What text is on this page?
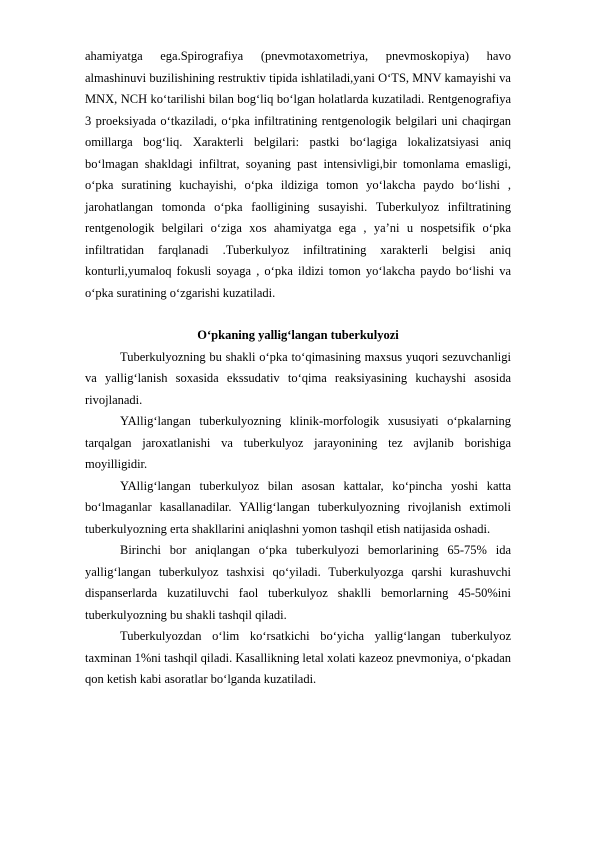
ahamiyatga ega.Spirografiya (pnevmotaxometriya, pnevmoskopiya) havo almashinuvi buzilishining restruktiv tipida ishlatiladi,yani O‘TS, MNV kamayishi va MNX, NCH ko‘tarilishi bilan bog‘liq bo‘lgan holatlarda kuzatiladi. Rentgenografiya 3 proeksiyada o‘tkaziladi, o‘pka infiltratining rentgenologik belgilari uni chaqirgan omillarga bog‘liq. Xarakterli belgilari: pastki bo‘lagiga lokalizatsiyasi aniq bo‘lmagan shakldagi infiltrat, soyaning past intensivligi,bir tomonlama emasligi, o‘pka suratining kuchayishi, o‘pka ildiziga tomon yo‘lakcha paydo bo‘lishi , jarohatlangan tomonda o‘pka faolligining susayishi. Tuberkulyoz infiltratining rentgenologik belgilari o‘ziga xos ahamiyatga ega , ya’ni u nospetsifik o‘pka infiltratidan farqlanadi .Tuberkulyoz infiltratining xarakterli belgisi aniq konturli,yumaloq fokusli soyaga , o‘pka ildizi tomon yo‘lakcha paydo bo‘lishi va o‘pka suratining o‘zgarishi kuzatiladi.

O‘pkaning yallig‘langan tuberkulyozi

Tuberkulyozning bu shakli o‘pka to‘qimasining maxsus yuqori sezuvchanligi va yallig‘lanish soxasida ekssudativ to‘qima reaksiyasining kuchayshi asosida rivojlanadi.

YAllig‘langan tuberkulyozning klinik-morfologik xususiyati o‘pkalarning tarqalgan jaroxatlanishi va tuberkulyoz jarayonining tez avjlanib borishiga moyilligidir.

YAllig‘langan tuberkulyoz bilan asosan kattalar, ko‘pincha yoshi katta bo‘lmaganlar kasallanadilar. YAllig‘langan tuberkulyozning rivojlanish extimoli tuberkulyozning erta shakllarini aniqlashni yomon tashqil etish natijasida oshadi.

Birinchi bor aniqlangan o‘pka tuberkulyozi bemorlarining 65-75% ida yallig‘langan tuberkulyoz tashxisi qo‘yiladi. Tuberkulyozga qarshi kurashuvchi dispanserlarda kuzatiluvchi faol tuberkulyoz shaklli bemorlarning 45-50%ini tuberkulyozning bu shakli tashqil qiladi.

Tuberkulyozdan o‘lim ko‘rsatkichi bo‘yicha yallig‘langan tuberkulyoz taxminan 1%ni tashqil qiladi. Kasallikning letal xolati kazeoz pnevmoniya, o‘pkadan qon ketish kabi asoratlar bo‘lganda kuzatiladi.
